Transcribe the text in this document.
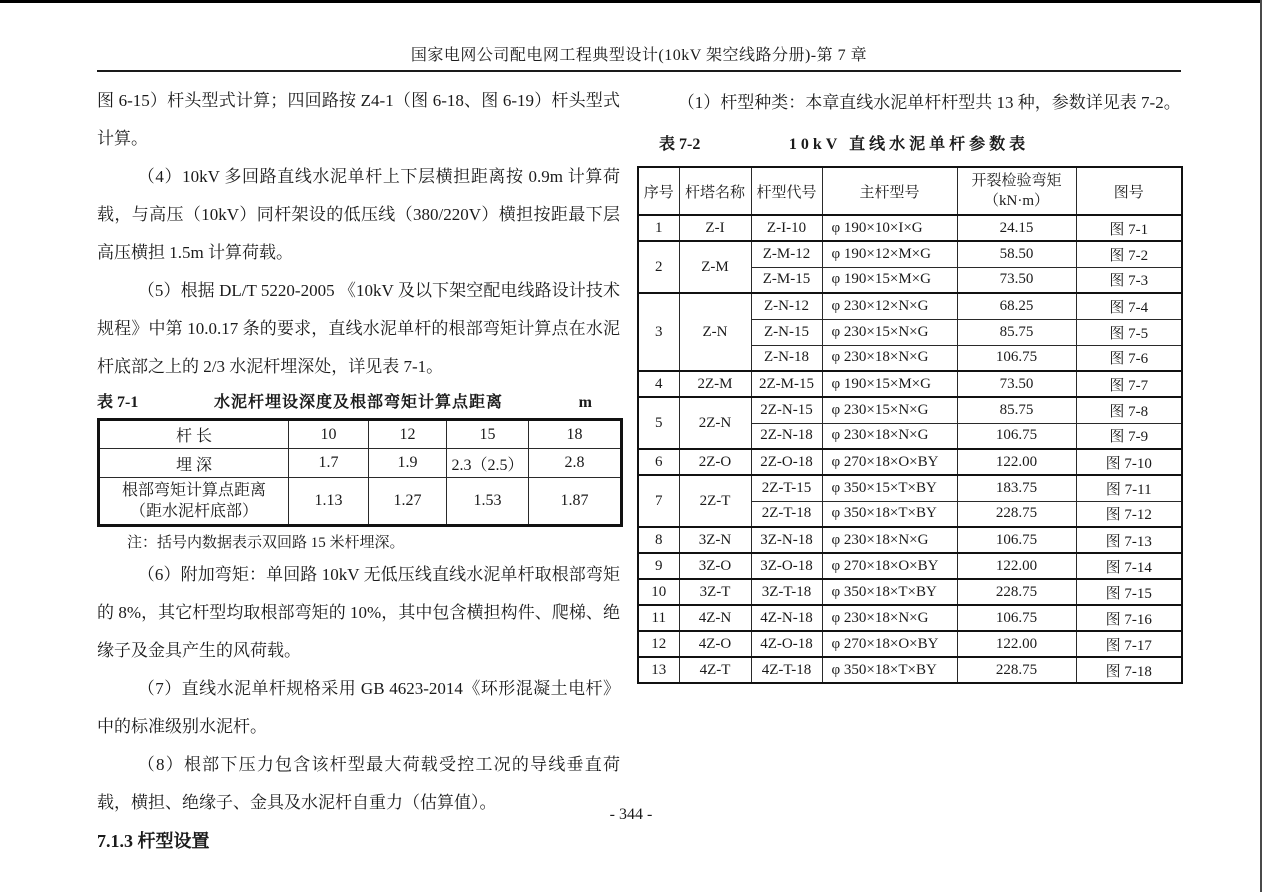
国家电网公司配电网工程典型设计(10kV 架空线路分册)-第 7 章

图 6-15）杆头型式计算；四回路按 Z4-1（图 6-18、图 6-19）杆头型式计算。

（4）10kV 多回路直线水泥单杆上下层横担距离按 0.9m 计算荷载，与高压（10kV）同杆架设的低压线（380/220V）横担按距最下层高压横担 1.5m 计算荷载。

（5）根据 DL/T 5220-2005 《10kV 及以下架空配电线路设计技术规程》中第 10.0.17 条的要求，直线水泥单杆的根部弯矩计算点在水泥杆底部之上的 2/3 水泥杆埋深处，详见表 7-1。

表 7-1	水泥杆埋设深度及根部弯矩计算点距离	m
杆 长	10	12	15	18
埋 深	1.7	1.9	2.3（2.5）	2.8

根部弯矩计算点距离
（距水泥杆底部）	1.13	1.27	1.53	1.87
注：括号内数据表示双回路 15 米杆埋深。

（6）附加弯矩：单回路 10kV 无低压线直线水泥单杆取根部弯矩的 8%，其它杆型均取根部弯矩的 10%，其中包含横担构件、爬梯、绝缘子及金具产生的风荷载。

（7）直线水泥单杆规格采用 GB 4623-2014《环形混凝土电杆》中的标准级别水泥杆。

（8）根部下压力包含该杆型最大荷载受控工况的导线垂直荷载，横担、绝缘子、金具及水泥杆自重力（估算值）。

7.1.3 杆型设置

（1）杆型种类：本章直线水泥单杆杆型共 13 种，参数详见表 7-2。

表 7-2	10kV 直线水泥单杆参数表
序号	杆塔名称	杆型代号	主杆型号	开裂检验弯矩
（kN·m）	图号
1	Z-I	Z-I-10	φ 190×10×I×G	24.15	图 7-1
2	Z-M	Z-M-12	φ 190×12×M×G	58.50	图 7-2
		Z-M-15	φ 190×15×M×G	73.50	图 7-3
3	Z-N	Z-N-12	φ 230×12×N×G	68.25	图 7-4
		Z-N-15	φ 230×15×N×G	85.75	图 7-5
		Z-N-18	φ 230×18×N×G	106.75	图 7-6
4	2Z-M	2Z-M-15	φ 190×15×M×G	73.50	图 7-7
5	2Z-N	2Z-N-15	φ 230×15×N×G	85.75	图 7-8
		2Z-N-18	φ 230×18×N×G	106.75	图 7-9
6	2Z-O	2Z-O-18	φ 270×18×O×BY	122.00	图 7-10
7	2Z-T	2Z-T-15	φ 350×15×T×BY	183.75	图 7-11
		2Z-T-18	φ 350×18×T×BY	228.75	图 7-12
8	3Z-N	3Z-N-18	φ 230×18×N×G	106.75	图 7-13
9	3Z-O	3Z-O-18	φ 270×18×O×BY	122.00	图 7-14
10	3Z-T	3Z-T-18	φ 350×18×T×BY	228.75	图 7-15
11	4Z-N	4Z-N-18	φ 230×18×N×G	106.75	图 7-16
12	4Z-O	4Z-O-18	φ 270×18×O×BY	122.00	图 7-17
13	4Z-T	4Z-T-18	φ 350×18×T×BY	228.75	图 7-18
- 344 -
